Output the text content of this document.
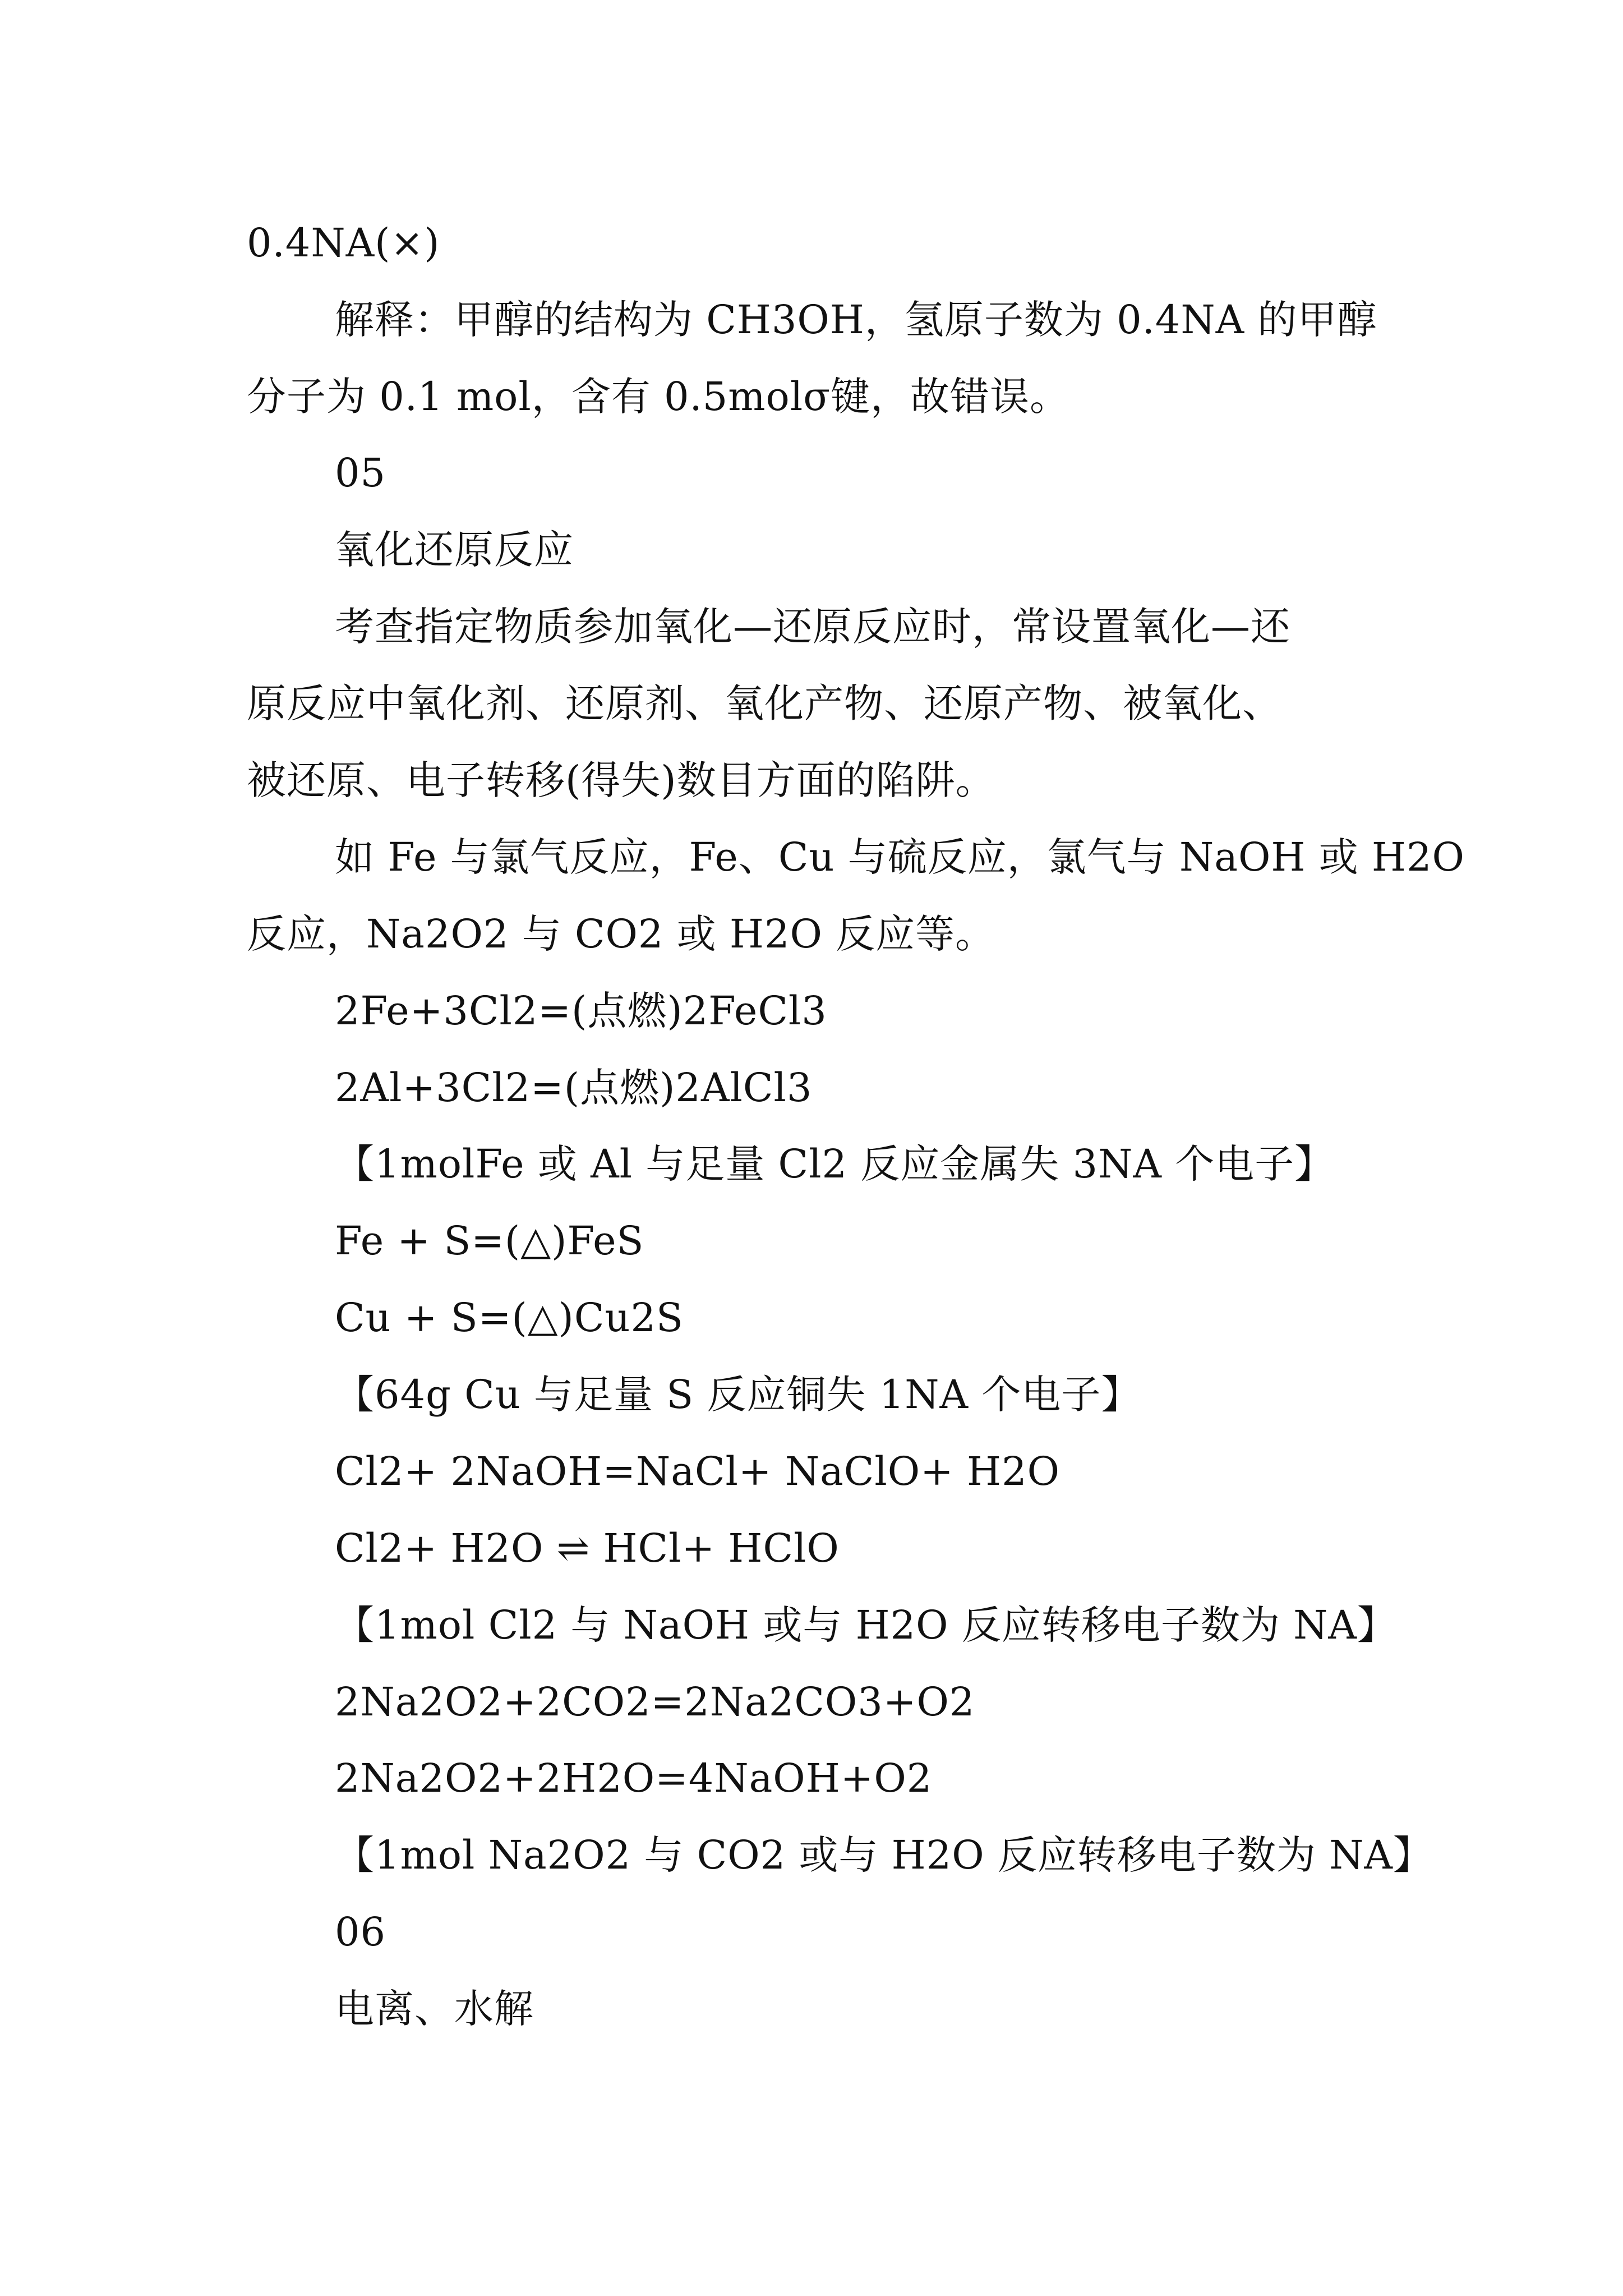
0.4NA(×)
解释：甲醇的结构为 CH3OH，氢原子数为 0.4NA 的甲醇
分子为 0.1 mol，含有 0.5molσ键，故错误。
05
氧化还原反应
考查指定物质参加氧化—还原反应时，常设置氧化—还
原反应中氧化剂、还原剂、氧化产物、还原产物、被氧化、
被还原、电子转移(得失)数目方面的陷阱。
如 Fe 与氯气反应，Fe、Cu 与硫反应，氯气与 NaOH 或 H2O
反应，Na2O2 与 CO2 或 H2O 反应等。
2Fe+3Cl2=(点燃)2FeCl3
2Al+3Cl2=(点燃)2AlCl3
【1molFe 或 Al 与足量 Cl2 反应金属失 3NA 个电子】
Fe + S=(△)FeS
Cu + S=(△)Cu2S
【64g Cu 与足量 S 反应铜失 1NA 个电子】
Cl2+ 2NaOH=NaCl+ NaClO+ H2O
Cl2+ H2O ⇌ HCl+ HClO
【1mol Cl2 与 NaOH 或与 H2O 反应转移电子数为 NA】
2Na2O2+2CO2=2Na2CO3+O2
2Na2O2+2H2O=4NaOH+O2
【1mol Na2O2 与 CO2 或与 H2O 反应转移电子数为 NA】
06
电离、水解
